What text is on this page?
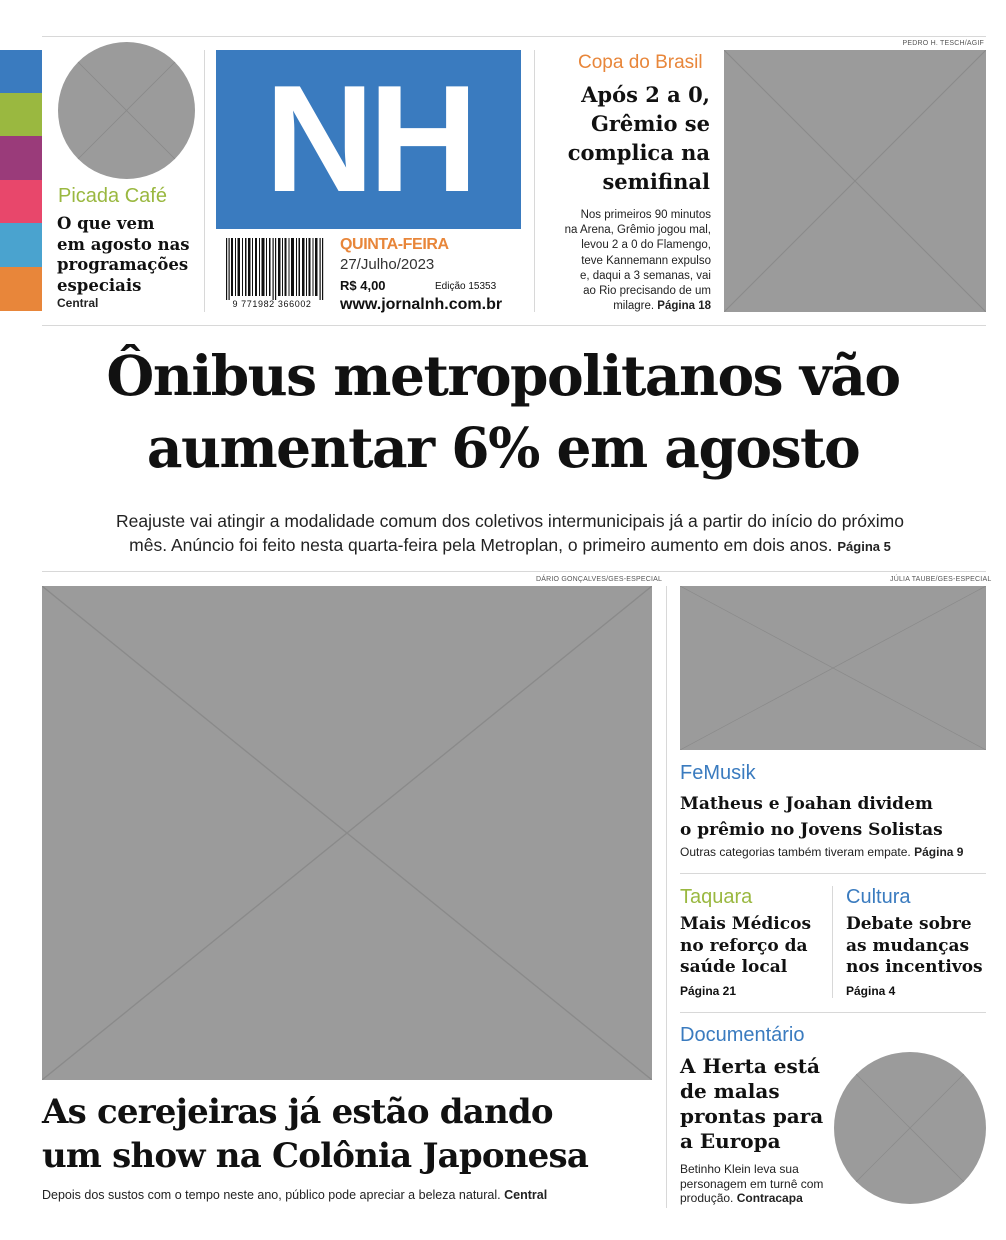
Picada Café
O que vem
em agosto nas
programações
especiais
Central
NH
9 771982 366002
QUINTA-FEIRA
27/Julho/2023
R$ 4,00	Edição 15353
www.jornalnh.com.br
Copa do Brasil
Após 2 a 0,
Grêmio se
complica na
semifinal
Nos primeiros 90 minutos
na Arena, Grêmio jogou mal,
levou 2 a 0 do Flamengo,
teve Kannemann expulso
e, daqui a 3 semanas, vai
ao Rio precisando de um
milagre. Página 18
PEDRO H. TESCH/AGIF
Ônibus metropolitanos vão
aumentar 6% em agosto
Reajuste vai atingir a modalidade comum dos coletivos intermunicipais já a partir do início do próximo
mês. Anúncio foi feito nesta quarta-feira pela Metroplan, o primeiro aumento em dois anos. Página 5
DÁRIO GONÇALVES/GES-ESPECIAL
As cerejeiras já estão dando
um show na Colônia Japonesa
Depois dos sustos com o tempo neste ano, público pode apreciar a beleza natural. Central
JÚLIA TAUBE/GES-ESPECIAL
FeMusik
Matheus e Joahan dividem
o prêmio no Jovens Solistas
Outras categorias também tiveram empate. Página 9
Taquara
Mais Médicos
no reforço da
saúde local
Página 21
Cultura
Debate sobre
as mudanças
nos incentivos
Página 4
Documentário
A Herta está
de malas
prontas para
a Europa
Betinho Klein leva sua
personagem em turnê com
produção. Contracapa
